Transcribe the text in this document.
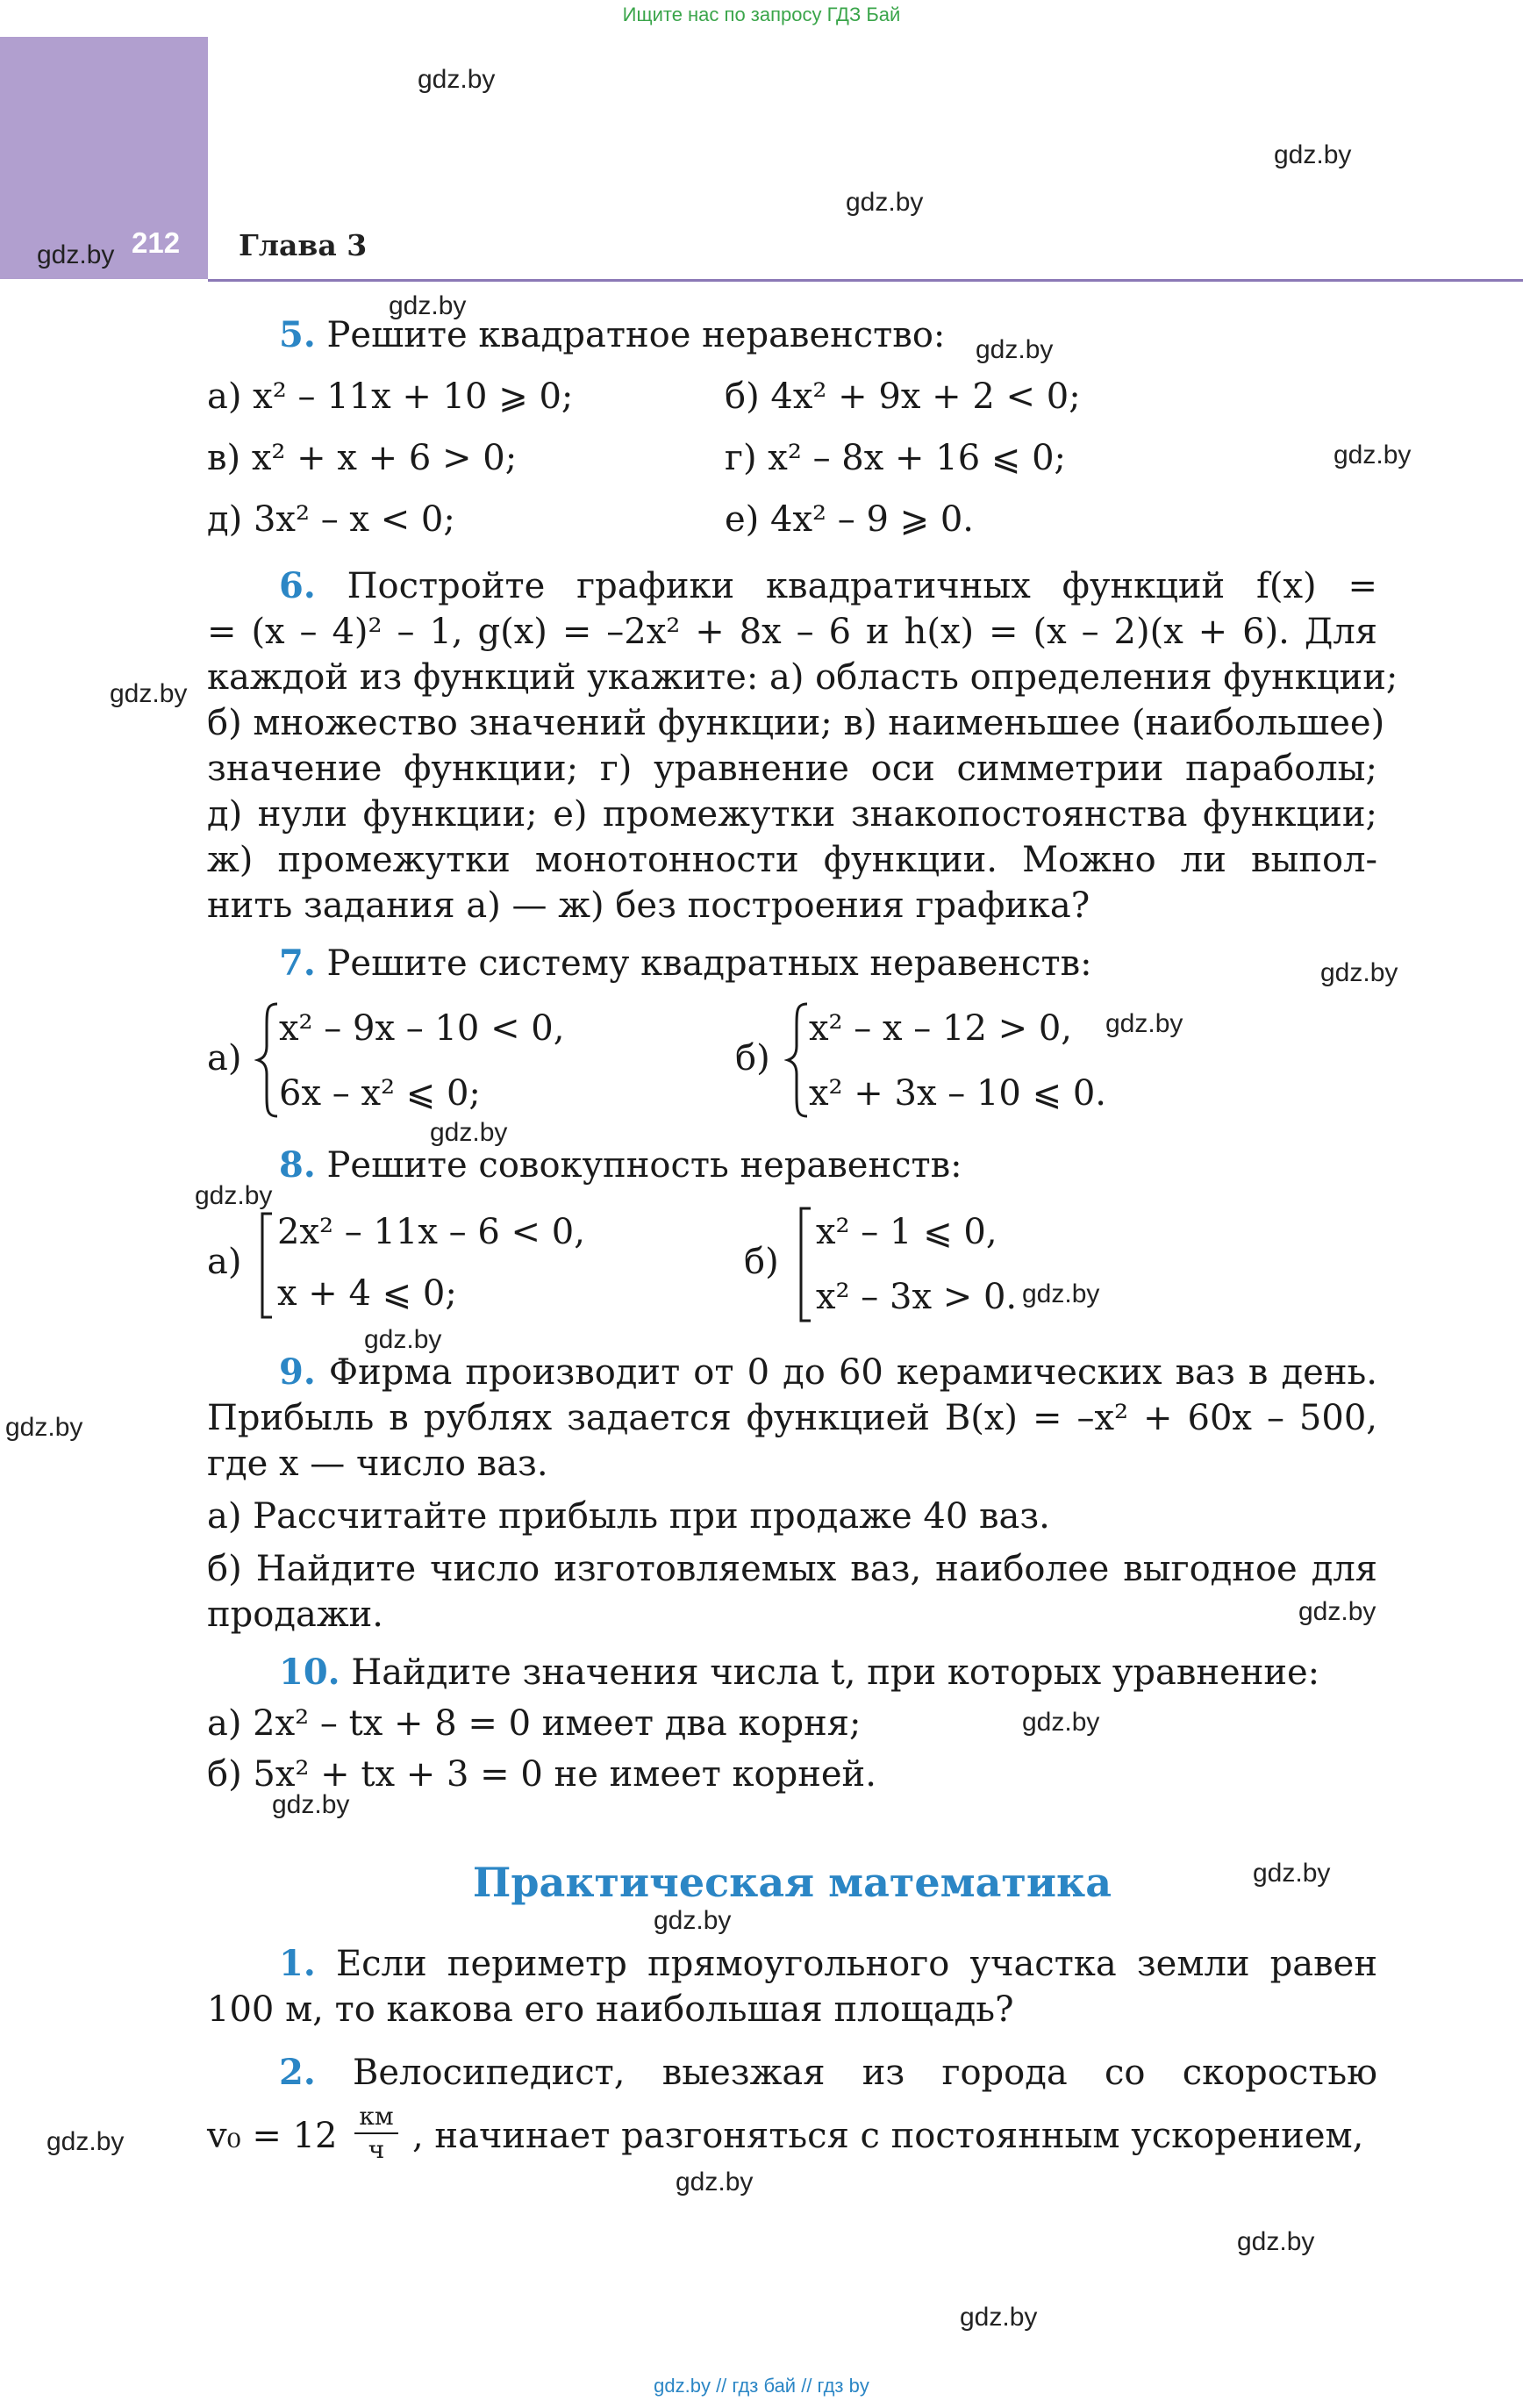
Ищите нас по запросу ГДЗ Бай
212 Глава 3
gdz.by
gdz.by
gdz.by
gdz.by
gdz.by
gdz.by
gdz.by
gdz.by
gdz.by
gdz.by
gdz.by
gdz.by
gdz.by
gdz.by
gdz.by
gdz.by
gdz.by
gdz.by
gdz.by
gdz.by
gdz.by
gdz.by
gdz.by
gdz.by
5. Решите квадратное неравенство:
а) x² – 11x + 10 ⩾ 0;	б) 4x² + 9x + 2 < 0;
в) x² + x + 6 > 0;	г) x² – 8x + 16 ⩽ 0;
д) 3x² – x < 0;	е) 4x² – 9 ⩾ 0.
6. Постройте графики квадратичных функций f(x) =
= (x – 4)² – 1, g(x) = –2x² + 8x – 6 и h(x) = (x – 2)(x + 6). Для
каждой из функций укажите: а) область определения функции;
б) множество значений функции; в) наименьшее (наибольшее)
значение функции; г) уравнение оси симметрии параболы;
д) нули функции; е) промежутки знакопостоянства функции;
ж) промежутки монотонности функции. Можно ли выпол-
нить задания а) — ж) без построения графика?
7. Решите систему квадратных неравенств:
а)
x² – 9x – 10 < 0,
6x – x² ⩽ 0;
б)
x² – x – 12 > 0,
x² + 3x – 10 ⩽ 0.
8. Решите совокупность неравенств:
а)
2x² – 11x – 6 < 0,
x + 4 ⩽ 0;
б)
x² – 1 ⩽ 0,
x² – 3x > 0.
9. Фирма производит от 0 до 60 керамических ваз в день.
Прибыль в рублях задается функцией B(x) = –x² + 60x – 500,
где x — число ваз.
а) Рассчитайте прибыль при продаже 40 ваз.
б) Найдите число изготовляемых ваз, наиболее выгодное для
продажи.
10. Найдите значения числа t, при которых уравнение:
а) 2x² – tx + 8 = 0 имеет два корня;
б) 5x² + tx + 3 = 0 не имеет корней.
Практическая математика
1. Если периметр прямоугольного участка земли равен
100 м, то какова его наибольшая площадь?
2. Велосипедист, выезжая из города со скоростью
v₀ = 12 км
ч , начинает разгоняться с постоянным ускорением,
gdz.by // гдз бай // гдз by
